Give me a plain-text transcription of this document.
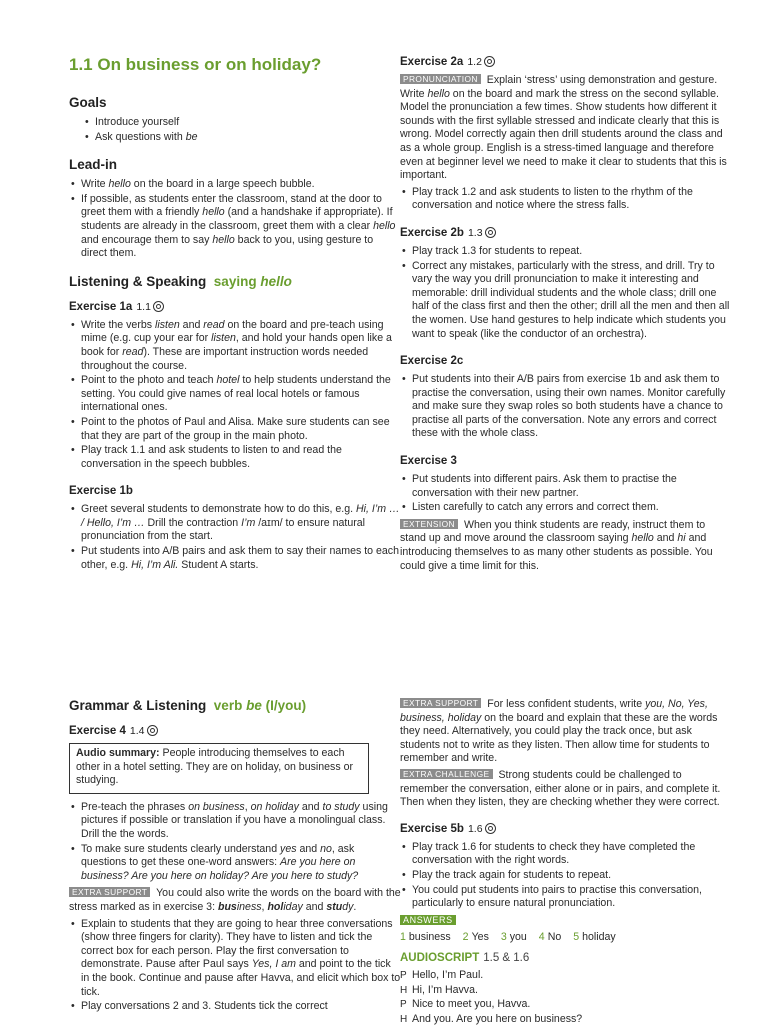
1.1 On business or on holiday?
Goals
• Introduce yourself
• Ask questions with be
Lead-in
• Write hello on the board in a large speech bubble.
• If possible, as students enter the classroom, stand at the door to greet them with a friendly hello (and a handshake if appropriate). If students are already in the classroom, greet them with a clear hello and encourage them to say hello back to you, using gesture to direct them.
Listening & Speaking saying hello
Exercise 1a 1.1
• Write the verbs listen and read on the board and pre-teach using mime (e.g. cup your ear for listen, and hold your hands open like a book for read). These are important instruction words needed throughout the course.
• Point to the photo and teach hotel to help students understand the setting. You could give names of real local hotels or famous international ones.
• Point to the photos of Paul and Alisa. Make sure students can see that they are part of the group in the main photo.
• Play track 1.1 and ask students to listen to and read the conversation in the speech bubbles.
Exercise 1b
• Greet several students to demonstrate how to do this, e.g. Hi, I’m … / Hello, I’m … Drill the contraction I’m /aɪm/ to ensure natural pronunciation from the start.
• Put students into A/B pairs and ask them to say their names to each other, e.g. Hi, I’m Ali. Student A starts.
Exercise 2a 1.2

PRONUNCIATION Explain ‘stress’ using demonstration and gesture. Write hello on the board and mark the stress on the second syllable. Model the pronunciation a few times. Show students how different it sounds with the first syllable stressed and indicate clearly that this is wrong. Model correctly again then drill students around the class and as a whole group. English is a stress-timed language and therefore even at beginner level we need to make it clear to students that this is important.

• Play track 1.2 and ask students to listen to the rhythm of the conversation and notice where the stress falls.
Exercise 2b 1.3
• Play track 1.3 for students to repeat.
• Correct any mistakes, particularly with the stress, and drill. Try to vary the way you drill pronunciation to make it interesting and memorable: drill individual students and the whole class; drill one half of the class first and then the other; drill all the men and then all the women. Use hand gestures to help indicate which students you want to speak (like the conductor of an orchestra).
Exercise 2c
• Put students into their A/B pairs from exercise 1b and ask them to practise the conversation, using their own names. Monitor carefully and make sure they swap roles so both students have a chance to practise all parts of the conversation. Note any errors and correct these with the whole class.
Exercise 3
• Put students into different pairs. Ask them to practise the conversation with their new partner.
• Listen carefully to catch any errors and correct them.

EXTENSION When you think students are ready, instruct them to stand up and move around the classroom saying hello and hi and introducing themselves to as many other students as possible. You could give a time limit for this.

Grammar & Listening verb be (I/you)
Exercise 4 1.4
Audio summary: People introducing themselves to each other in a hotel setting. They are on holiday, on business or studying.
• Pre-teach the phrases on business, on holiday and to study using pictures if possible or translation if you have a monolingual class. Drill the the words.
• To make sure students clearly understand yes and no, ask questions to get these one-word answers: Are you here on business? Are you here on holiday? Are you here to study?

EXTRA SUPPORT You could also write the words on the board with the stress marked as in exercise 3: business, holiday and study.

• Explain to students that they are going to hear three conversations (show three fingers for clarity). They have to listen and tick the correct box for each person. Play the first conversation to demonstrate. Pause after Paul says Yes, I am and point to the tick in the book. Continue and pause after Havva, and elicit which box to tick.
• Play conversations 2 and 3. Students tick the correct

EXTRA SUPPORT For less confident students, write you, No, Yes, business, holiday on the board and explain that these are the words they need. Alternatively, you could play the track once, but ask students not to write as they listen. Then allow time for students to remember and write.

EXTRA CHALLENGE Strong students could be challenged to remember the conversation, either alone or in pairs, and complete it. Then when they listen, they are checking whether they were correct.

Exercise 5b 1.6
• Play track 1.6 for students to check they have completed the conversation with the right words.
• Play the track again for students to repeat.
• You could put students into pairs to practise this conversation, particularly to ensure natural pronunciation.
ANSWERS
1 business 2 Yes 3 you 4 No 5 holiday
AUDIOSCRIPT 1.5 & 1.6
P Hello, I’m Paul.
H Hi, I’m Havva.
P Nice to meet you, Havva.
H And you. Are you here on business?
